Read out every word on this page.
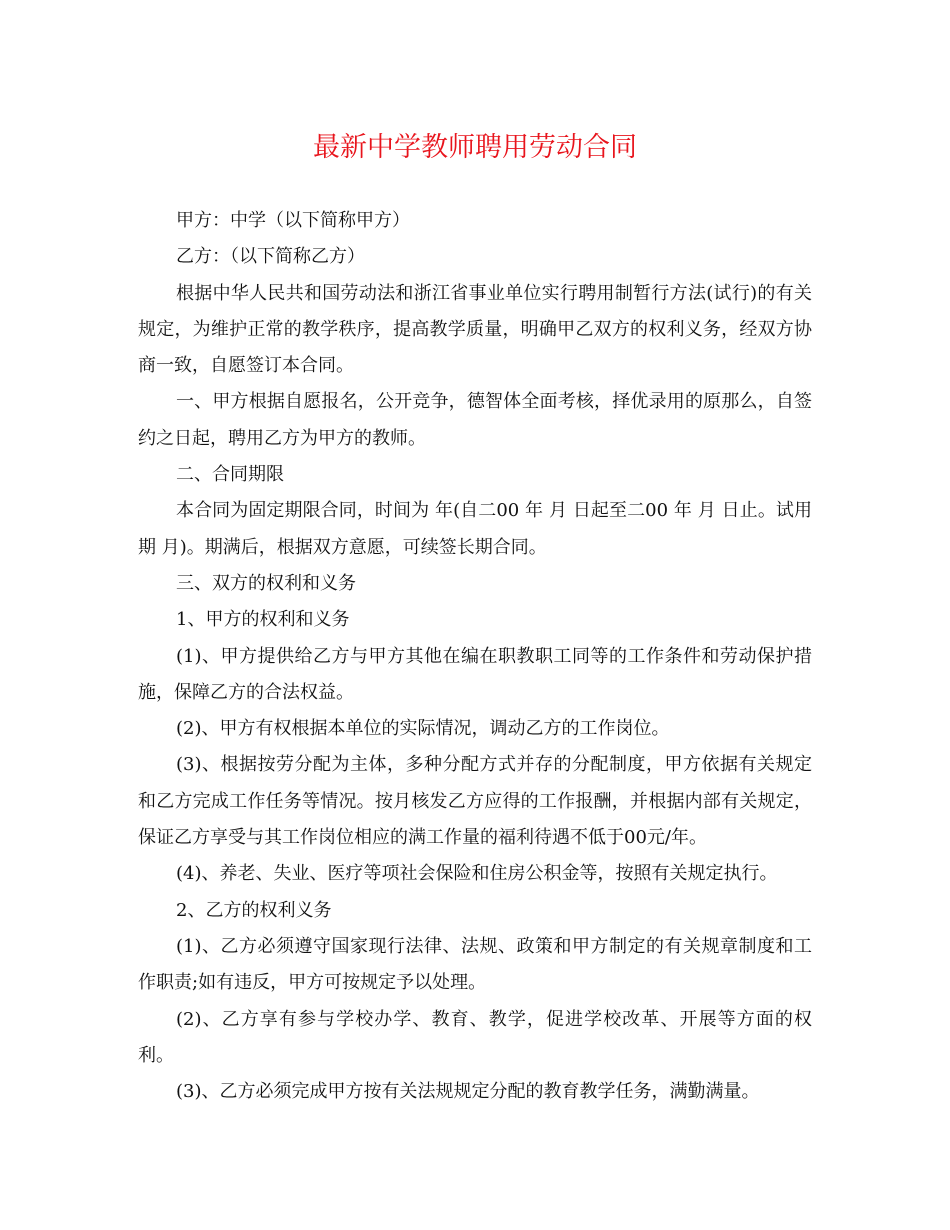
最新中学教师聘用劳动合同

甲方：中学（以下简称甲方）

乙方：（以下简称乙方）

根据中华人民共和国劳动法和浙江省事业单位实行聘用制暂行方法(试行)的有关规定，为维护正常的教学秩序，提高教学质量，明确甲乙双方的权利义务，经双方协商一致，自愿签订本合同。

一、甲方根据自愿报名，公开竞争，德智体全面考核，择优录用的原那么，自签约之日起，聘用乙方为甲方的教师。

二、合同期限

本合同为固定期限合同，时间为 年(自二00 年 月 日起至二00 年 月 日止。试用期 月)。期满后，根据双方意愿，可续签长期合同。

三、双方的权利和义务

1、甲方的权利和义务

(1)、甲方提供给乙方与甲方其他在编在职教职工同等的工作条件和劳动保护措施，保障乙方的合法权益。

(2)、甲方有权根据本单位的实际情况，调动乙方的工作岗位。

(3)、根据按劳分配为主体，多种分配方式并存的分配制度，甲方依据有关规定和乙方完成工作任务等情况。按月核发乙方应得的工作报酬，并根据内部有关规定，保证乙方享受与其工作岗位相应的满工作量的福利待遇不低于00元/年。

(4)、养老、失业、医疗等项社会保险和住房公积金等，按照有关规定执行。

2、乙方的权利义务

(1)、乙方必须遵守国家现行法律、法规、政策和甲方制定的有关规章制度和工作职责;如有违反，甲方可按规定予以处理。

(2)、乙方享有参与学校办学、教育、教学，促进学校改革、开展等方面的权利。

(3)、乙方必须完成甲方按有关法规规定分配的教育教学任务，满勤满量。
